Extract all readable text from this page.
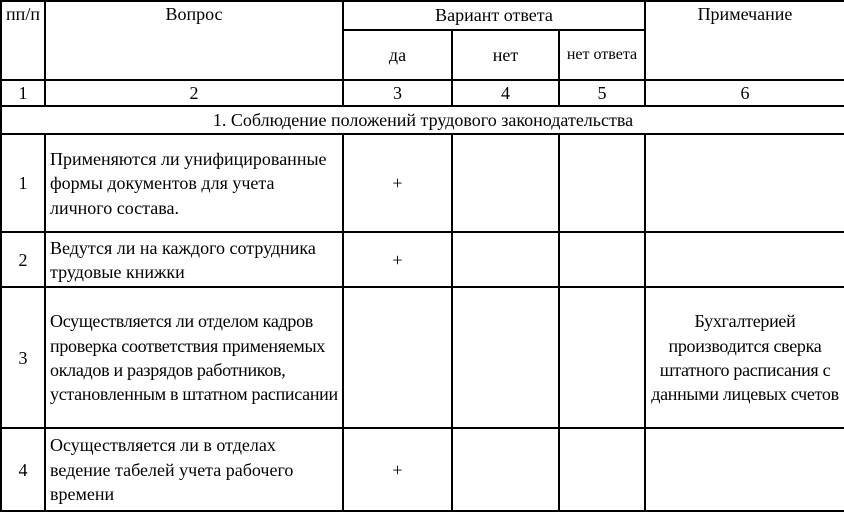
пп/п	Вопрос	Вариант ответа			Примечание
		да	нет	нет ответа	
1	2	3	4	5	6
1. Соблюдение положений трудового законодательства					
1	Применяются ли унифицированные формы документов для учета личного состава.	+			
2	Ведутся ли на каждого сотрудника трудовые книжки	+			
3	Осуществляется ли отделом кадров проверка соответствия применяемых окладов и разрядов работников, установленным в штатном расписании				Бухгалтерией производится сверка штатного расписания с данными лицевых счетов
4	Осуществляется ли в отделах ведение табелей учета рабочего времени	+			
